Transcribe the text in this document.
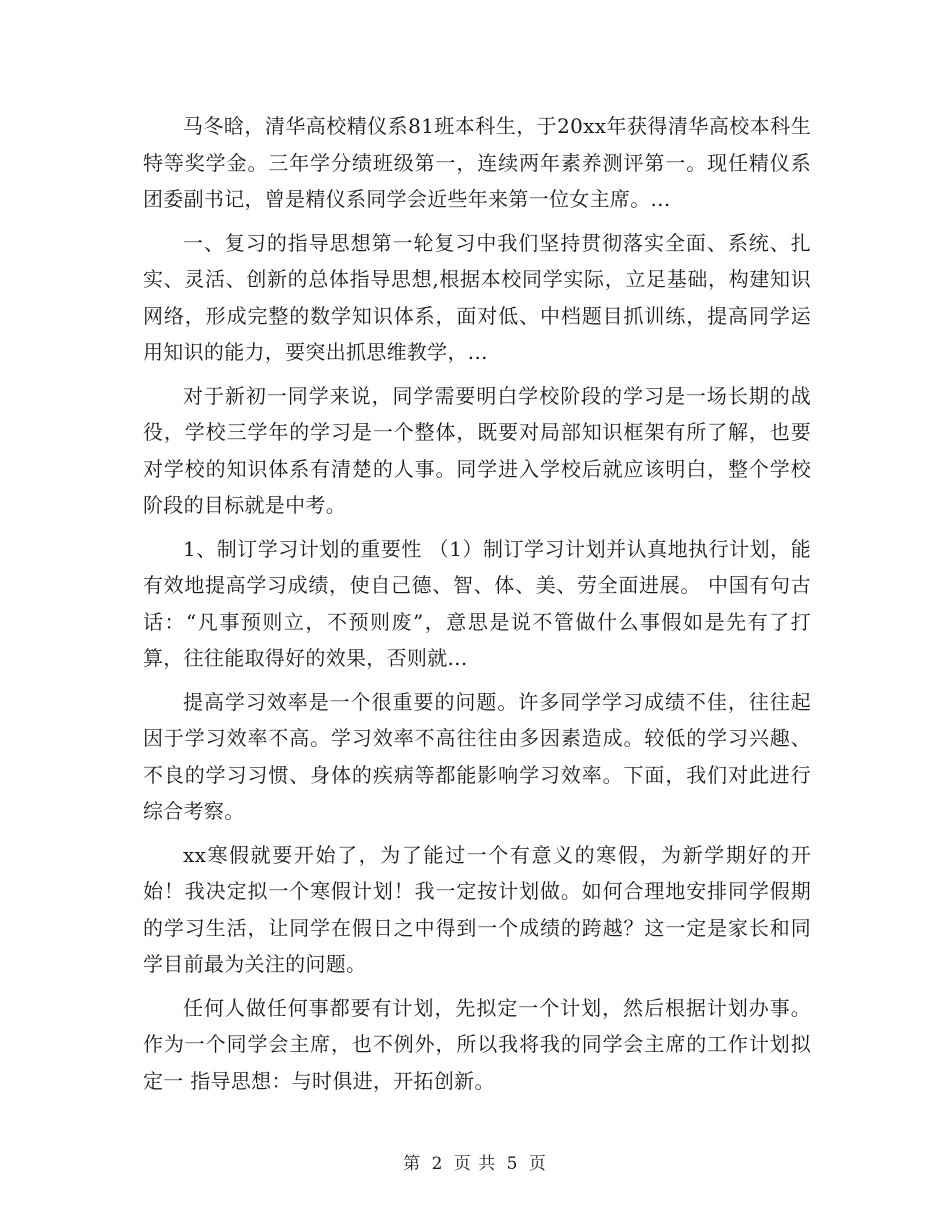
马冬晗，清华高校精仪系81班本科生，于20xx年获得清华高校本科生特等奖学金。三年学分绩班级第一，连续两年素养测评第一。现任精仪系团委副书记，曾是精仪系同学会近些年来第一位女主席。...

一、复习的指导思想第一轮复习中我们坚持贯彻落实全面、系统、扎实、灵活、创新的总体指导思想,根据本校同学实际，立足基础，构建知识网络，形成完整的数学知识体系，面对低、中档题目抓训练，提高同学运用知识的能力，要突出抓思维教学，...

对于新初一同学来说，同学需要明白学校阶段的学习是一场长期的战役，学校三学年的学习是一个整体，既要对局部知识框架有所了解，也要对学校的知识体系有清楚的人事。同学进入学校后就应该明白，整个学校阶段的目标就是中考。

1、制订学习计划的重要性 （1）制订学习计划并认真地执行计划，能有效地提高学习成绩，使自己德、智、体、美、劳全面进展。 中国有句古话：“凡事预则立，不预则废”，意思是说不管做什么事假如是先有了打算，往往能取得好的效果，否则就...

提高学习效率是一个很重要的问题。许多同学学习成绩不佳，往往起因于学习效率不高。学习效率不高往往由多因素造成。较低的学习兴趣、不良的学习习惯、身体的疾病等都能影响学习效率。下面，我们对此进行综合考察。

xx寒假就要开始了，为了能过一个有意义的寒假，为新学期好的开始！我决定拟一个寒假计划！我一定按计划做。如何合理地安排同学假期的学习生活，让同学在假日之中得到一个成绩的跨越？这一定是家长和同学目前最为关注的问题。

任何人做任何事都要有计划，先拟定一个计划，然后根据计划办事。作为一个同学会主席，也不例外，所以我将我的同学会主席的工作计划拟定一 指导思想：与时俱进，开拓创新。

第 2 页 共 5 页
